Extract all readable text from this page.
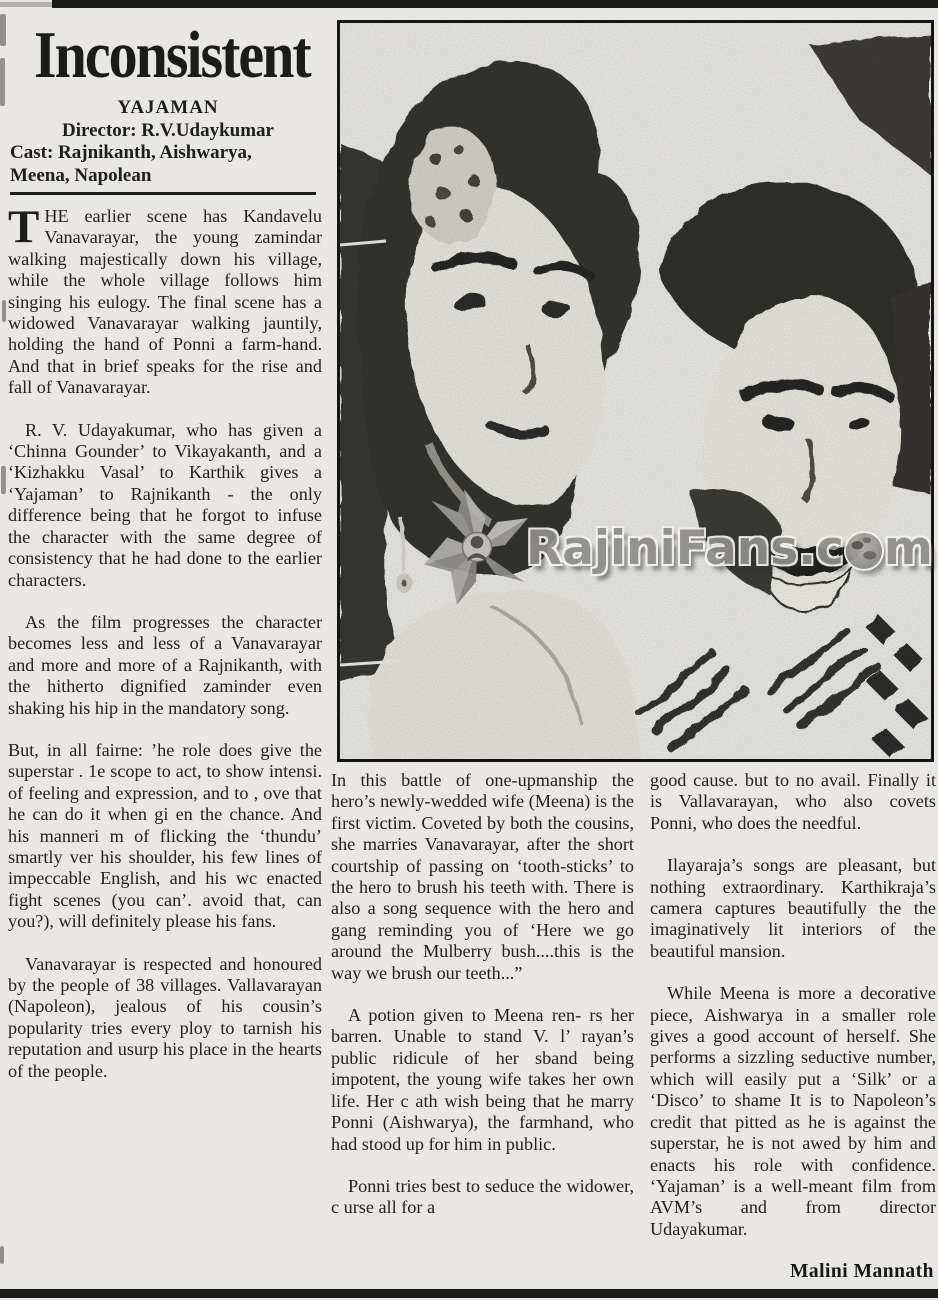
Inconsistent
YAJAMAN
Director: R.V.Udaykumar
Cast: Rajnikanth, Aishwarya,
Meena, Napolean
RajiniFans.c m

THE earlier scene has Kandavelu Vanavarayar, the young zamindar walking majestically down his village, while the whole village follows him singing his eulogy. The final scene has a widowed Vanavarayar walking jauntily, holding the hand of Ponni a farm-hand. And that in brief speaks for the rise and fall of Vanavarayar.

R. V. Udayakumar, who has given a ‘Chinna Gounder’ to Vikayakanth, and a ‘Kizhakku Vasal’ to Karthik gives a ‘Yajaman’ to Rajnikanth - the only difference being that he forgot to infuse the character with the same degree of consistency that he had done to the earlier characters.

As the film progresses the character becomes less and less of a Vanavarayar and more and more of a Rajnikanth, with the hitherto dignified zaminder even shaking his hip in the mandatory song.

But, in all fairne: ’he role does give the superstar . 1e scope to act, to show intensi. of feeling and expression, and to , ove that he can do it when gi en the chance. And his manneri m of flicking the ‘thundu’ smartly ver his shoulder, his few lines of impeccable English, and his wc enacted fight scenes (you can’. avoid that, can you?), will definitely please his fans.

Vanavarayar is respected and honoured by the people of 38 villages. Vallavarayan (Napoleon), jealous of his cousin’s popularity tries every ploy to tarnish his reputation and usurp his place in the hearts of the people.

In this battle of one-upmanship the hero’s newly-wedded wife (Meena) is the first victim. Coveted by both the cousins, she marries Vanavarayar, after the short courtship of passing on ‘tooth-sticks’ to the hero to brush his teeth with. There is also a song sequence with the hero and gang reminding you of ‘Here we go around the Mulberry bush....this is the way we brush our teeth...”

A potion given to Meena ren- rs her barren. Unable to stand V. l’ rayan’s public ridicule of her sband being impotent, the young wife takes her own life. Her c ath wish being that he marry Ponni (Aishwarya), the farmhand, who had stood up for him in public.

Ponni tries best to seduce the widower, c urse all for a

good cause. but to no avail. Finally it is Vallavarayan, who also covets Ponni, who does the needful.

Ilayaraja’s songs are pleasant, but nothing extraordinary. Karthikraja’s camera captures beautifully the the imaginatively lit interiors of the beautiful mansion.

While Meena is more a decorative piece, Aishwarya in a smaller role gives a good account of herself. She performs a sizzling seductive number, which will easily put a ‘Silk’ or a ‘Disco’ to shame It is to Napoleon’s credit that pitted as he is against the superstar, he is not awed by him and enacts his role with confidence. ‘Yajaman’ is a well-meant film from AVM’s and from director Udayakumar.

Malini Mannath
